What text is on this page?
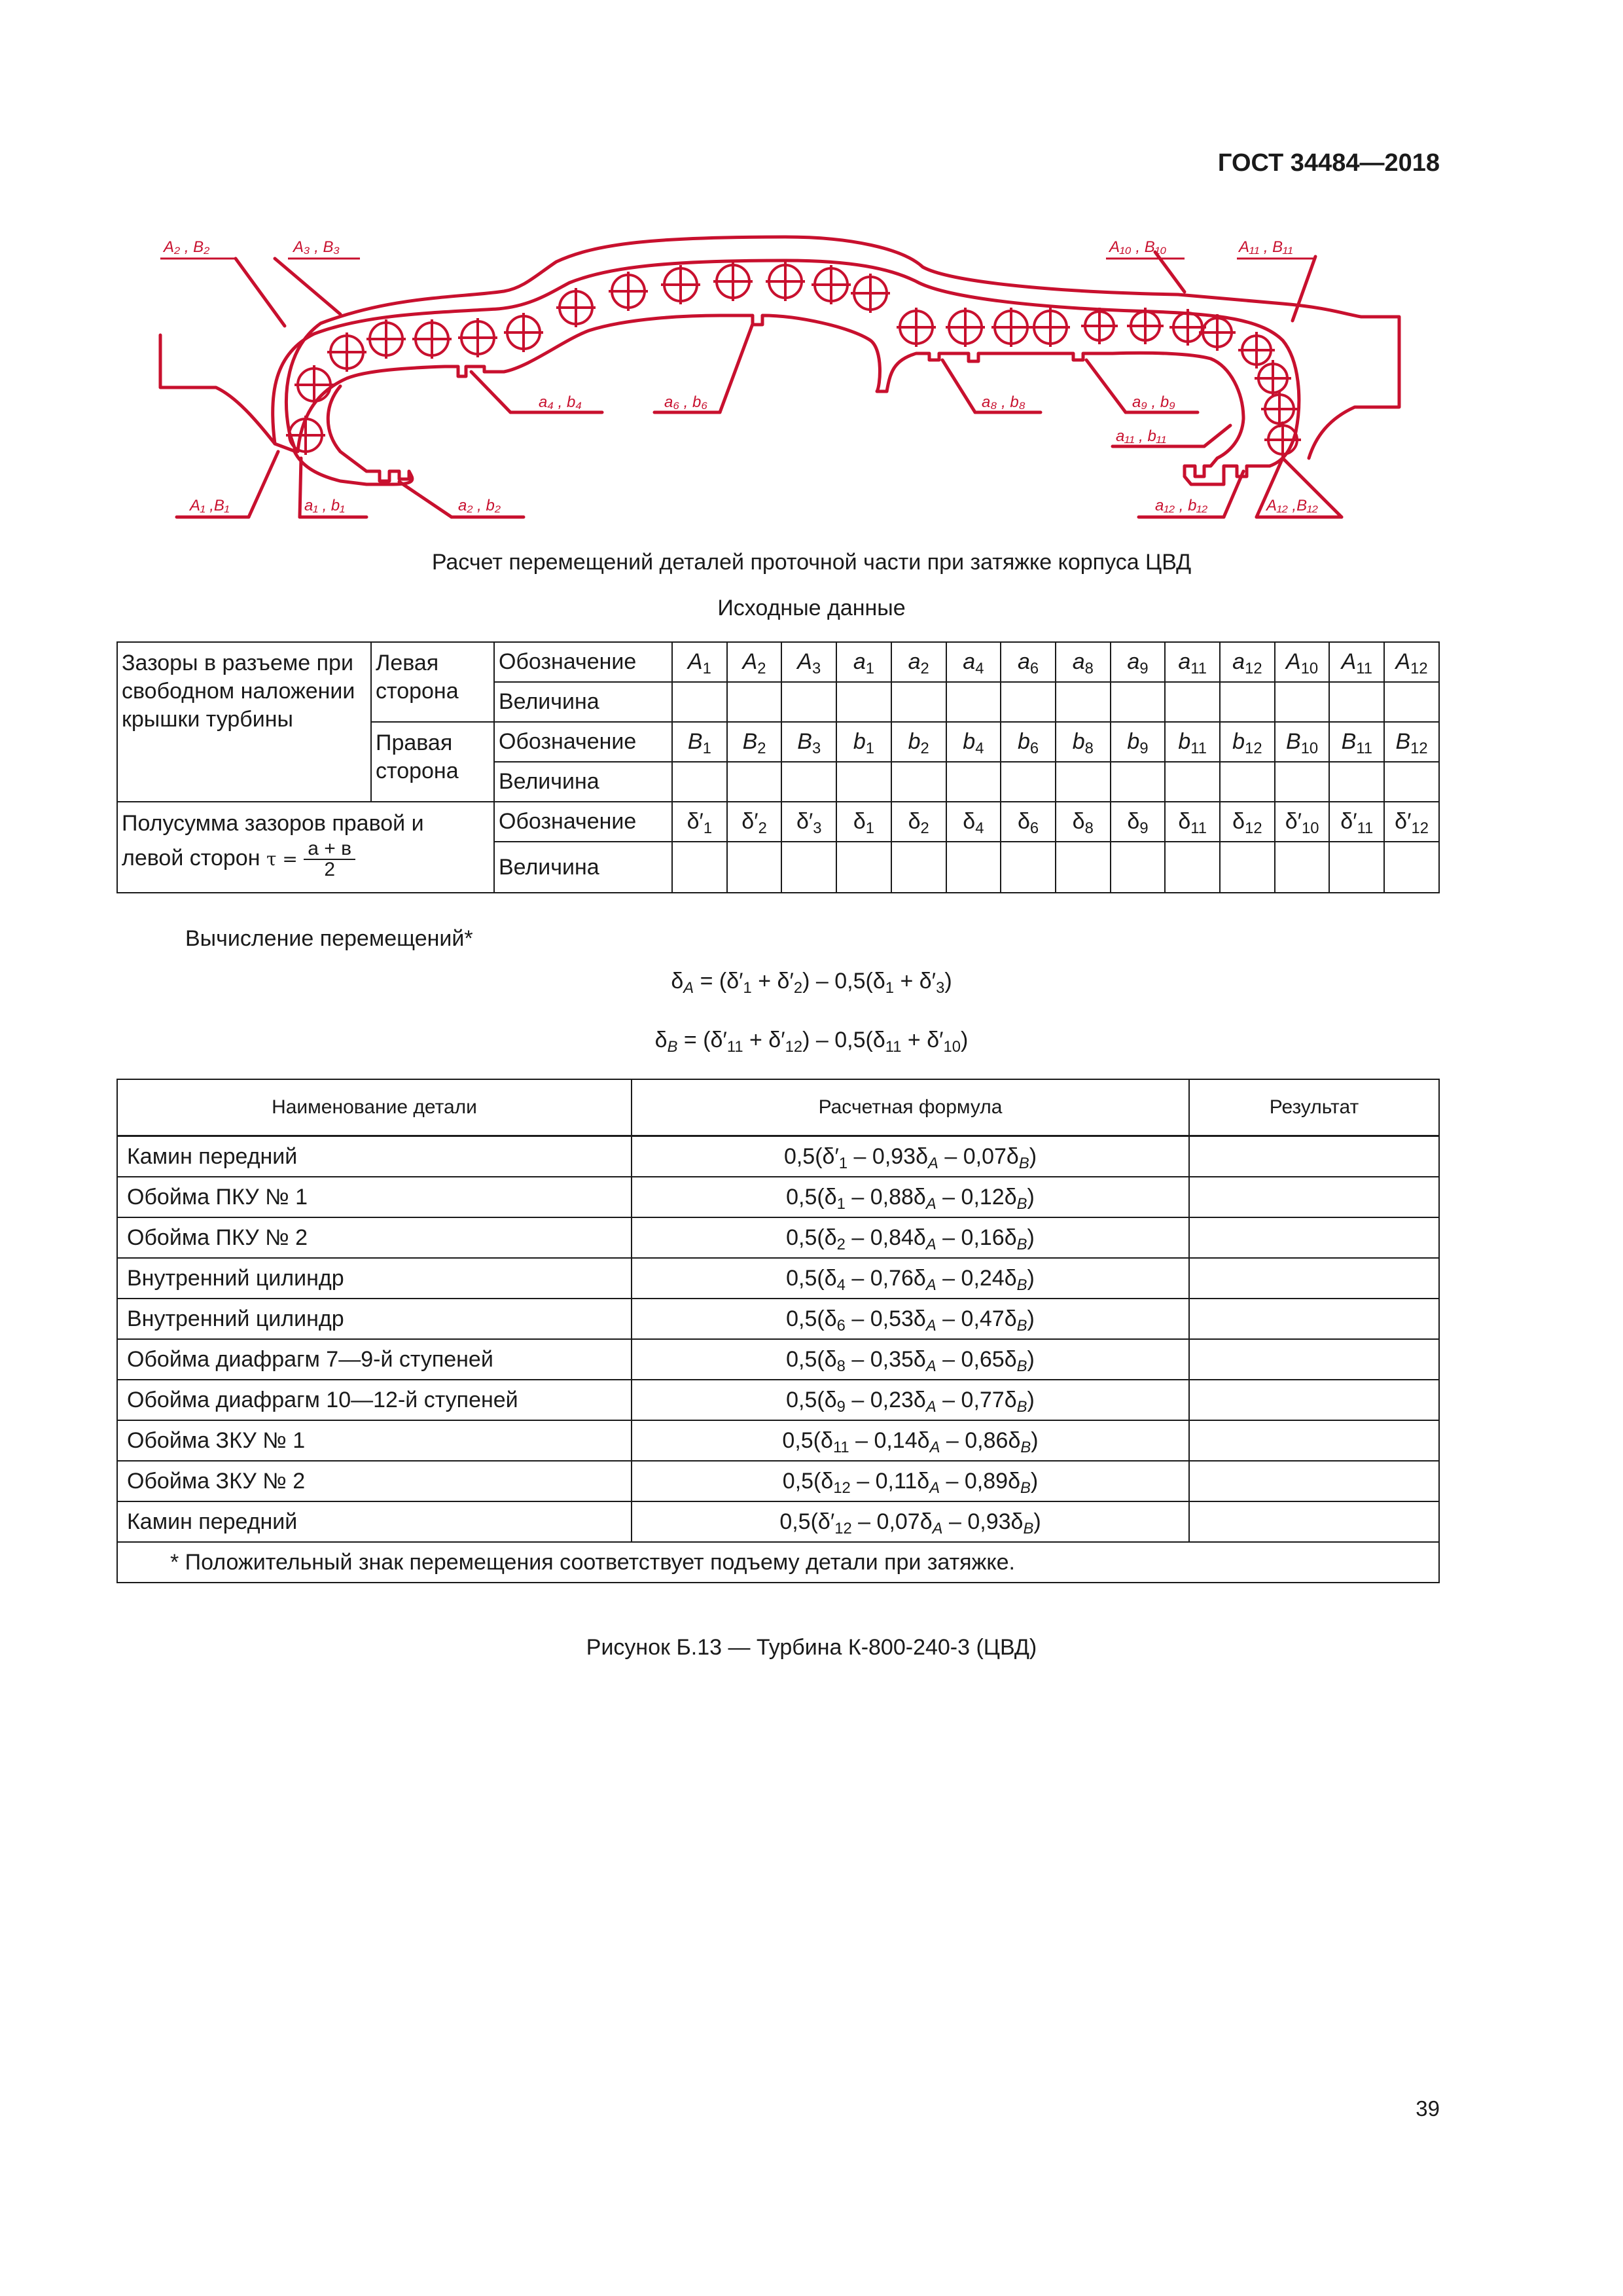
ГОСТ 34484—2018
A₂ , B₂	A₃ , B₃	A₁₀ , B₁₀	A₁₁ , B₁₁
a₄ , b₄	a₆ , b₆	a₈ , b₈	a₉ , b₉
a₁₁ , b₁₁
A₁ ,B₁	a₁ , b₁	a₂ , b₂	a₁₂ , b₁₂	A₁₂ ,B₁₂
Расчет перемещений деталей проточной части при затяжке корпуса ЦВД
Исходные данные
Зазоры в разъеме при свободном наложении крышки турбины	Левая сторона	Обозначение	$A_1$	$A_2$	$A_3$	$a_1$	$a_2$	$a_4$	$a_6$	$a_8$	$a_9$	$a_{11}$	$a_{12}$	$A_{10}$	$A_{11}$	$A_{12}$
		Величина														
	Правая сторона	Обозначение	$B_1$	$B_2$	$B_3$	$b_1$	$b_2$	$b_4$	$b_6$	$b_8$	$b_9$	$b_{11}$	$b_{12}$	$B_{10}$	$B_{11}$	$B_{12}$
		Величина														

Полусумма зазоров правой и
левой сторон $\tau = \frac{а + в}{2}$		Обозначение	$\delta'_1$	$\delta'_2$	$\delta'_3$	$\delta_1$	$\delta_2$	$\delta_4$	$\delta_6$	$\delta_8$	$\delta_9$	$\delta_{11}$	$\delta_{12}$	$\delta'_{10}$	$\delta'_{11}$	$\delta'_{12}$
		Величина														
Вычисление перемещений*
$\delta_A = (\delta'_1 + \delta'_2) - 0,5(\delta_1 + \delta'_3)$
$\delta_B = (\delta'_{11} + \delta'_{12}) - 0,5(\delta_{11} + \delta'_{10})$
Наименование детали	Расчетная формула	Результат
Камин передний	$0,5(\delta'_1 - 0,93\delta_A - 0,07\delta_B)$	
Обойма ПКУ № 1	$0,5(\delta_1 - 0,88\delta_A - 0,12\delta_B)$	
Обойма ПКУ № 2	$0,5(\delta_2 - 0,84\delta_A - 0,16\delta_B)$	
Внутренний цилиндр	$0,5(\delta_4 - 0,76\delta_A - 0,24\delta_B)$	
Внутренний цилиндр	$0,5(\delta_6 - 0,53\delta_A - 0,47\delta_B)$	
Обойма диафрагм 7—9-й ступеней	$0,5(\delta_8 - 0,35\delta_A - 0,65\delta_B)$	
Обойма диафрагм 10—12-й ступеней	$0,5(\delta_9 - 0,23\delta_A - 0,77\delta_B)$	
Обойма ЗКУ № 1	$0,5(\delta_{11} - 0,14\delta_A - 0,86\delta_B)$	
Обойма ЗКУ № 2	$0,5(\delta_{12} - 0,11\delta_A - 0,89\delta_B)$	
Камин передний	$0,5(\delta'_{12} - 0,07\delta_A - 0,93\delta_B)$	
* Положительный знак перемещения соответствует подъему детали при затяжке.		
Рисунок Б.13 — Турбина К-800-240-3 (ЦВД)
39
